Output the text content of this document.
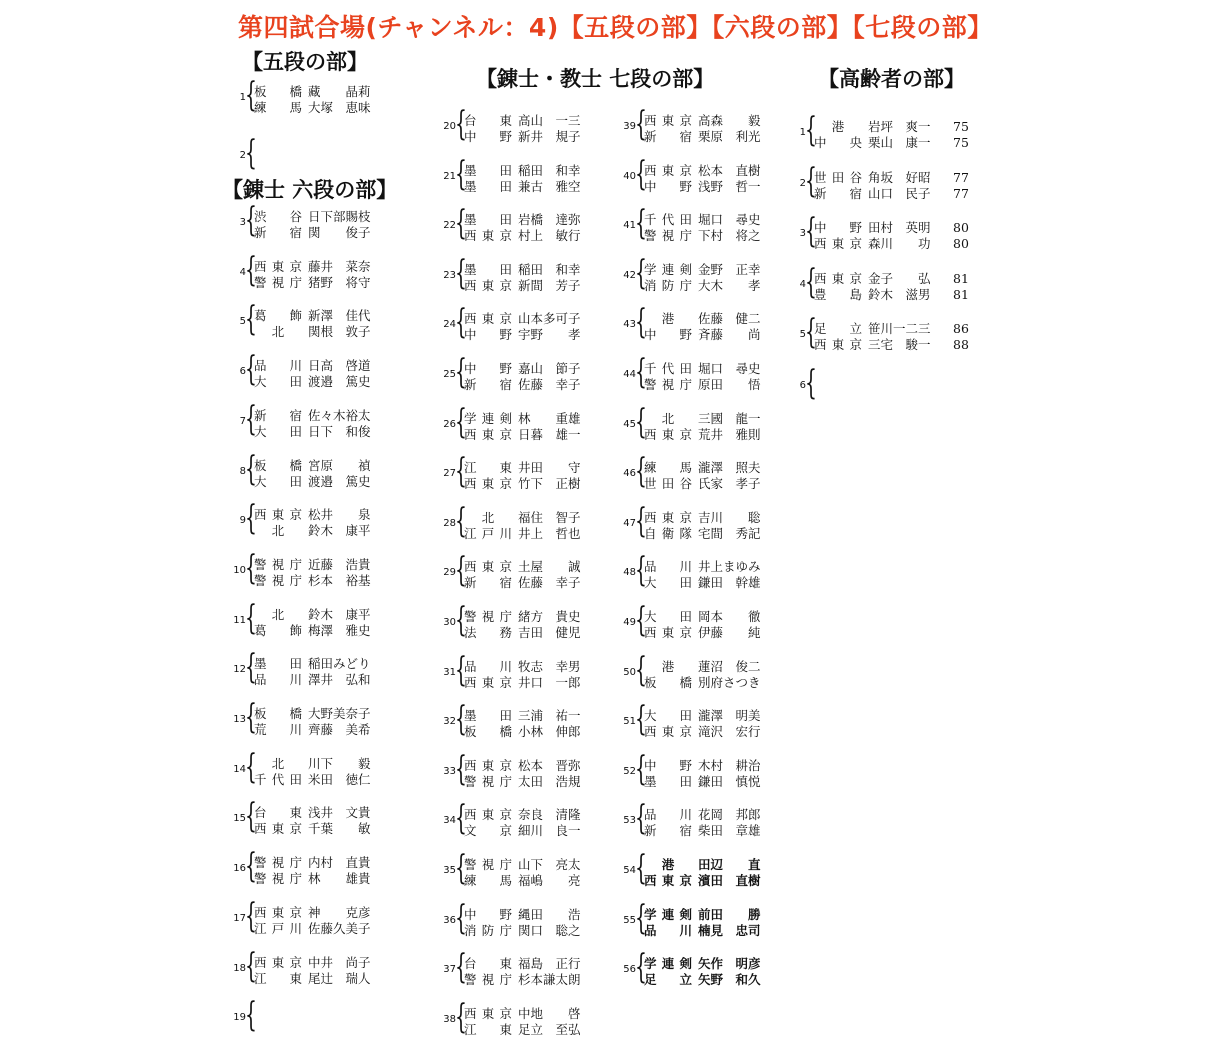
第四試合場(チャンネル：4)【五段の部】【六段の部】【七段の部】
【五段の部】
【錬士 六段の部】
【錬士・教士 七段の部】	【高齢者の部】
1 {
板　橋 藏　　晶莉
練　馬 大塚　恵味
2 {
3 {
渋　谷 日下部賜枝
新　宿 関　　俊子
4 {
西東京 藤井　菜奈
警視庁 猪野　将守
5 {
葛　飾 新澤　佳代
北	関根　敦子
6 {
品　川 日高　啓道
大　田 渡邉　篤史
7 {
新　宿 佐々木裕太
大　田 日下　和俊
8 {
板　橋 宮原　　禎
大　田 渡邉　篤史
9 {
西東京 松井　　泉
北	鈴木　康平
10 {
警視庁 近藤　浩貴
警視庁 杉本　裕基
11 {	北	鈴木　康平
葛　飾 梅澤　雅史
12 {
墨　田 稲田みどり
品　川 澤井　弘和
13 {
板　橋 大野美奈子
荒　川 齊藤　美希
14 {	北	川下　　毅
千代田 米田　徳仁
15 {
台　東 浅井　文貴
西東京 千葉　　敏
16 {
警視庁 内村　直貴
警視庁 林　　雄貴
17 {
西東京 神　　克彦
江戸川 佐藤久美子
18 {
西東京 中井　尚子
江　東 尾辻　瑞人
19 {
20 {
台　東 高山　一三
中　野 新井　規子
21 {
墨　田 稲田　和幸
墨　田 兼古　雅空
22 {
墨　田 岩橋　達弥
西東京 村上　敏行
23 {
墨　田 稲田　和幸
西東京 新間　芳子
24 {
西東京 山本多可子
中　野 宇野　　孝
25 {
中　野 嘉山　節子
新　宿 佐藤　幸子
26 {
学連剣 林　　重雄
西東京 日暮　雄一
27 {
江　東 井田　　守
西東京 竹下　正樹
28 {	北	福住　智子
江戸川 井上　哲也
29 {
西東京 土屋　　誠
新　宿 佐藤　幸子
30 {
警視庁 緒方　貴史
法　務 吉田　健児
31 {
品　川 牧志　幸男
西東京 井口　一郎
32 {
墨　田 三浦　祐一
板　橋 小林　伸郎
33 {
西東京 松本　晋弥
警視庁 太田　浩規
34 {
西東京 奈良　清隆
文　京 細川　良一
35 {
警視庁 山下　亮太
練　馬 福嶋　　亮
36 {
中　野 縄田　　浩
消防庁 関口　聡之
37 {
台　東 福島　正行
警視庁 杉本謙太朗
38 {
西東京 中地　　啓
江　東 足立　至弘
39 {
西東京 高森　　毅
新　宿 栗原　利光
40 {
西東京 松本　直樹
中　野 浅野　哲一
41 {
千代田 堀口　尋史
警視庁 下村　将之
42 {
学連剣 金野　正幸
消防庁 大木　　孝
43 {	港	佐藤　健二
中　野 斉藤　　尚
44 {
千代田 堀口　尋史
警視庁 原田　　悟
45 {	北	三國　龍一
西東京 荒井　雅則
46 {
練　馬 瀧澤　照夫
世田谷 氏家　孝子
47 {
西東京 吉川　　聡
自衛隊 宅間　秀記
48 {
品　川 井上まゆみ
大　田 鎌田　幹雄
49 {
大　田 岡本　　徹
西東京 伊藤　　純
50 {	港	蓮沼　俊二
板　橋 別府さつき
51 {
大　田 瀧澤　明美
西東京 滝沢　宏行
52 {
中　野 木村　耕治
墨　田 鎌田　慎悦
53 {
品　川 花岡　邦郎
新　宿 柴田　章雄
54 {	港	田辺　　直
西東京 濱田　直樹
55 {
学連剣 前田　　勝
品　川 楠見　忠司
56 {
学連剣 矢作　明彦
足　立 矢野　和久
1 {	港	岩坪　爽一	75
中　央 栗山　康一	75
2 {
世田谷 角坂　好昭	77
新　宿 山口　民子	77
3 {
中　野 田村　英明	80
西東京 森川　　功	80
4 {
西東京 金子　　弘	81
豊　島 鈴木　滋男	81
5 {
足　立 笹川一二三	86
西東京 三宅　駿一	88
6 {
